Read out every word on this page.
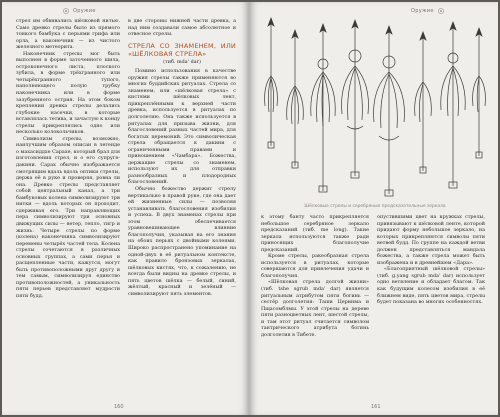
Оружие

стрел им обвивались шёлковой нитью. Само древко стрелы было из прямого тонкого бамбука с перьями грифа или орла, а наконечник — из чистого железного метеорита.

Наконечник стрелы мог быть выполнен в форме заточенного шила, остроконечного листа, плоского зубила, в форме трёхгранного или четырёхгранного тупого, наполняющего полую трубку наконечника или в форме зазубренного острия. На этом боком креплении древка стрелы делались глубокие насечки, в которые вставлялась тетива, и зачастую к концу стрелы прикреплялись одно или несколько колокольчиков.

Символизм стрелы, возможно, наилучшим образом описан в легенде о махасиддхе Сарахе, который брал для изготовления стрел, и о его супруге-дакини. Сарах обычно изображается смотрящим вдаль вдоль оптики стрелы, держа её в руке и проверяя, ровна ли она. Древко стрелы представляет собой центральный канал, а три бамбуковых колена символизируют три нитки — вдоль которых он проходит, сдерживая его. Три направляющих пера символизируют три основных движущих силы — ветер, тепло, тигр и жизнь. Четыре стрелы по форме (колена) наконечника символизируют перемены четырёх частей тела. Колена стрелы сочетаются в различных основных группах, а сами перья и расщепленные части, кажутся, могут быть противоположными друг другу и тем самым, символизируя единство противоположностей, а уникальность пяти перьев представляет мудрости пяти будд.

в две стороны нижней части древка, а над ним создавали самое абсолютное и отвесное стрелы.

СТРЕЛА СО ЗНАМЕНЕМ, ИЛИ «ШЁЛКОВАЯ СТРЕЛА»
(тиб. mda' dar)

Помимо использования в качестве оружия стрелы также применяются во многих буддийских ритуалах. Стрела со знаменем, или «шёлковая стрела» с кистями шёлковых лент, прикреплёнными к верхней части древка, используется в ритуалах по долголетию. Она также используется в ритуалах для призыва жизни, для благословений разных частей мира, для богатых церемоний. Это символическая стрела обращается к дакини с ограниченными правами и приношением «Чамбара». Божества, держащие стрелы со знаменем, используют их для отправки разнообразных и плодородных благословений.

Обычно божество держит стрелу вертикально в правой руке, где она дает ей жизненные силы — позволяя устанавливать благословения изобилия и успеха. В двух знаменах стрелы при этом обеспечивается уравновешивающее влияние благополучия, указывая на его знания на обоих перьях с двойными колеями. Широко распространено упоминание на одной-двух в её ритуальном контексте, как правило бронзовых зеркалах, шёлковых кистях, что, к сожалению, не всегда были видны на древке стрелы, и пять цветов шёлка — белый, синий, жёлтый, красный и зелёный — символизируют пять элементов.

160
Оружие
Шёлковые стрелы и серебряные предсказательные зеркала

к этому банту часто прикрепляется небольшое серебряное зеркало предсказаний (тиб. me long). Такие зеркала используются также ради приносящих благополучие предсказаний.

Кроме стрелы, ракеобразная стрела используется в ритуалах, которые совершаются для привлечения удачи и благополучия.

«Шёлковая стрела долгой жизни» (тиб. tshe sgrub mda' dar) является ритуальным атрибутом пяти богинь — сестёр долголетия: Таши Церинма и Пщасомблмы. У этой стрелы на дереве пяти разноцветных лент, шестой стрелы, и там этот ритуал считается символом тантрического атрибута богинь долголетия в Тибете.

опустившими цвет на кружках стрелы, привязывают к шёлковой ленте, которой придают форму небольшое зеркало, на которых прикрепляются символы пяти ветвей будд. По группе на каждой ветви должен представляться мандала божества, а также стрела может быть изображена и в древнейшем «Дара».

«Благоприятный шёлковой стрелы» (тиб. g.yang sgrub mda' dar) использует одно ветвление и обладает благом. Так как будущим колесом изобилия в её ближнем виде, пять цветов мира, стрелы будет показана во многих особенностях.

161
